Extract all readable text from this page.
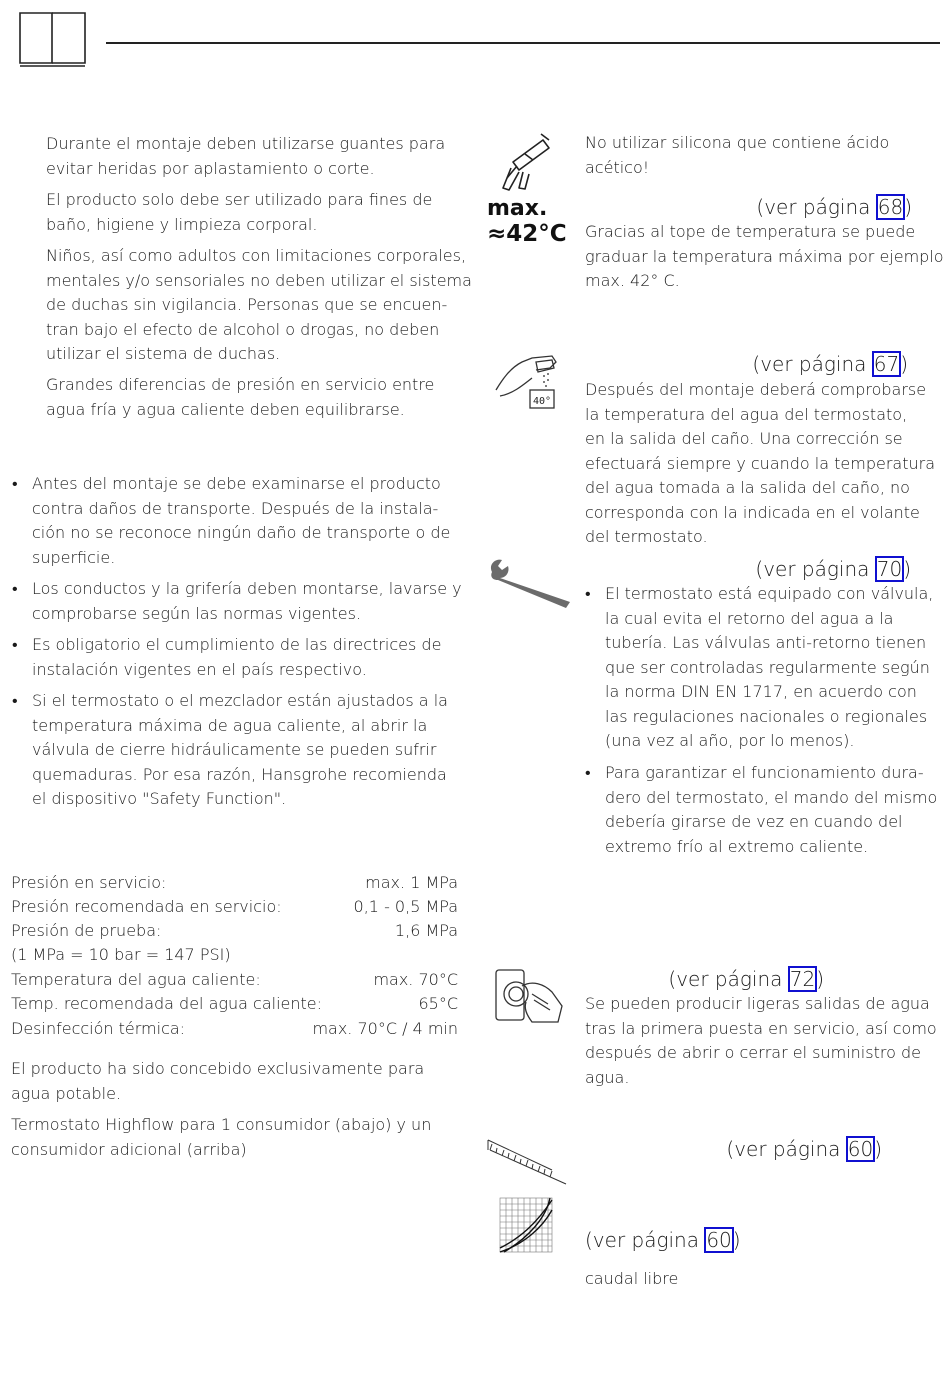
Durante el montaje deben utilizarse guantes para
evitar heridas por aplastamiento o corte.
El producto solo debe ser utilizado para fines de
baño, higiene y limpieza corporal.
Niños, así como adultos con limitaciones corporales,
mentales y/o sensoriales no deben utilizar el sistema
de duchas sin vigilancia. Personas que se encuen-
tran bajo el efecto de alcohol o drogas, no deben
utilizar el sistema de duchas.
Grandes diferencias de presión en servicio entre
agua fría y agua caliente deben equilibrarse.
• Antes del montaje se debe examinarse el producto
contra daños de transporte. Después de la instala-
ción no se reconoce ningún daño de transporte o de
superficie.
• Los conductos y la grifería deben montarse, lavarse y
comprobarse según las normas vigentes.
• Es obligatorio el cumplimiento de las directrices de
instalación vigentes en el país respectivo.
• Si el termostato o el mezclador están ajustados a la
temperatura máxima de agua caliente, al abrir la
válvula de cierre hidráulicamente se pueden sufrir
quemaduras. Por esa razón, Hansgrohe recomienda
el dispositivo "Safety Function".
Presión en servicio:	max. 1 MPa
Presión recomendada en servicio:	0,1 - 0,5 MPa
Presión de prueba:	1,6 MPa
(1 MPa = 10 bar = 147 PSI)
Temperatura del agua caliente:	max. 70°C
Temp. recomendada del agua caliente:	65°C
Desinfección térmica:	max. 70°C / 4 min
El producto ha sido concebido exclusivamente para
agua potable.
Termostato Highflow para 1 consumidor (abajo) y un
consumidor adicional (arriba)
max.
≈42°C
40°
No utilizar silicona que contiene ácido
acético!
(ver página 68)
Gracias al tope de temperatura se puede
graduar la temperatura máxima por ejemplo
max. 42° C.
(ver página 67)
Después del montaje deberá comprobarse
la temperatura del agua del termostato,
en la salida del caño. Una corrección se
efectuará siempre y cuando la temperatura
del agua tomada a la salida del caño, no
corresponda con la indicada en el volante
del termostato.
(ver página 70)
• El termostato está equipado con válvula,
la cual evita el retorno del agua a la
tubería. Las válvulas anti-retorno tienen
que ser controladas regularmente según
la norma DIN EN 1717, en acuerdo con
las regulaciones nacionales o regionales
(una vez al año, por lo menos).
• Para garantizar el funcionamiento dura-
dero del termostato, el mando del mismo
debería girarse de vez en cuando del
extremo frío al extremo caliente.
(ver página 72)
Se pueden producir ligeras salidas de agua
tras la primera puesta en servicio, así como
después de abrir o cerrar el suministro de
agua.
(ver página 60)
(ver página 60)
caudal libre
